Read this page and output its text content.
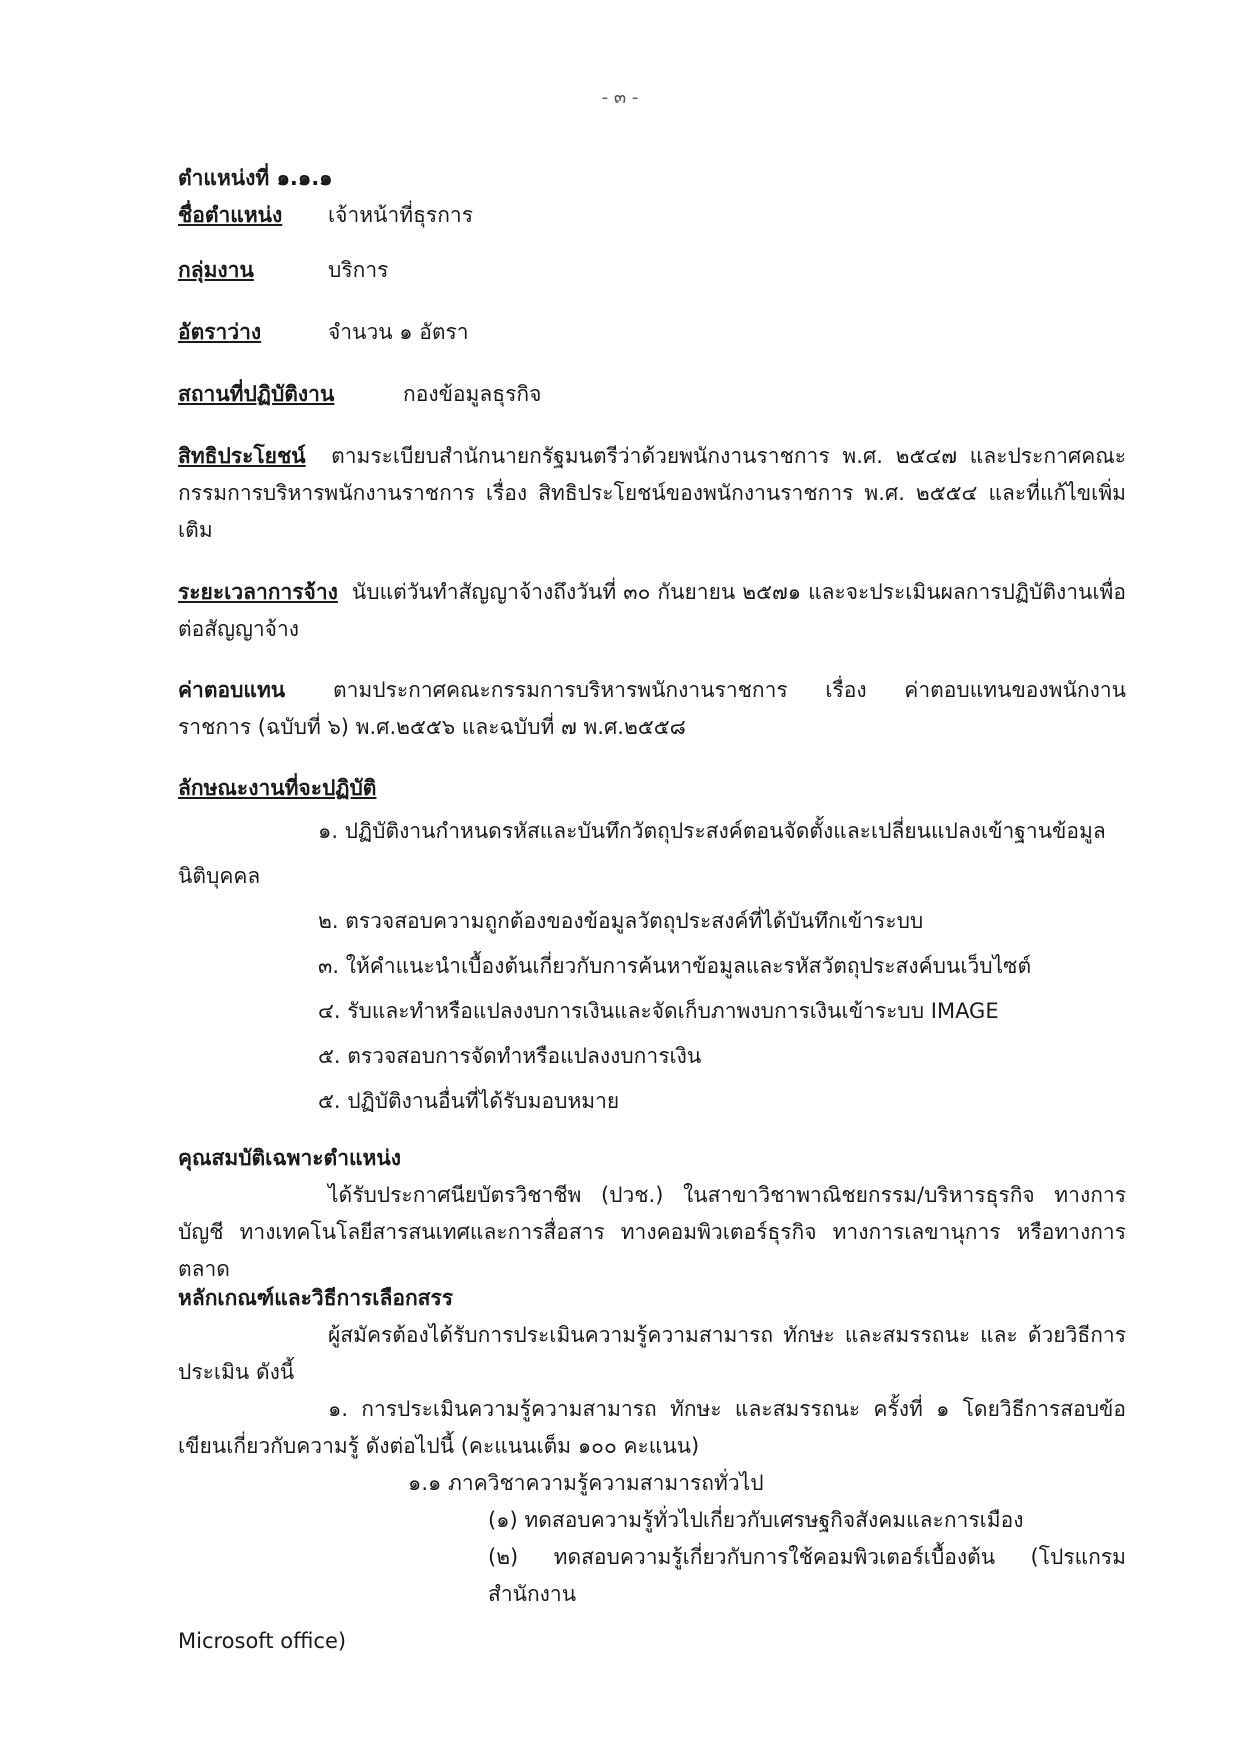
- ๓ -

ตำแหน่งที่ ๑.๑.๑

ชื่อตำแหน่ง เจ้าหน้าที่ธุรการ

กลุ่มงาน	บริการ

อัตราว่าง	จำนวน ๑ อัตรา

สถานที่ปฏิบัติงาน	กองข้อมูลธุรกิจ

สิทธิประโยชน์ ตามระเบียบสำนักนายกรัฐมนตรีว่าด้วยพนักงานราชการ พ.ศ. ๒๕๔๗ และประกาศคณะกรรมการบริหารพนักงานราชการ เรื่อง สิทธิประโยชน์ของพนักงานราชการ พ.ศ. ๒๕๕๔ และที่แก้ไขเพิ่มเติม

ระยะเวลาการจ้าง นับแต่วันทำสัญญาจ้างถึงวันที่ ๓๐ กันยายน ๒๕๗๑ และจะประเมินผลการปฏิบัติงานเพื่อต่อสัญญาจ้าง

ค่าตอบแทน ตามประกาศคณะกรรมการบริหารพนักงานราชการ เรื่อง ค่าตอบแทนของพนักงานราชการ (ฉบับที่ ๖) พ.ศ.๒๕๕๖ และฉบับที่ ๗ พ.ศ.๒๕๕๘

ลักษณะงานที่จะปฏิบัติ

๑. ปฏิบัติงานกำหนดรหัสและบันทึกวัตถุประสงค์ตอนจัดตั้งและเปลี่ยนแปลงเข้าฐานข้อมูล

นิติบุคคล

๒. ตรวจสอบความถูกต้องของข้อมูลวัตถุประสงค์ที่ได้บันทึกเข้าระบบ

๓. ให้คำแนะนำเบื้องต้นเกี่ยวกับการค้นหาข้อมูลและรหัสวัตถุประสงค์บนเว็บไซต์

๔. รับและทำหรือแปลงงบการเงินและจัดเก็บภาพงบการเงินเข้าระบบ IMAGE

๕. ตรวจสอบการจัดทำหรือแปลงงบการเงิน

๕. ปฏิบัติงานอื่นที่ได้รับมอบหมาย

คุณสมบัติเฉพาะตำแหน่ง

ได้รับประกาศนียบัตรวิชาชีพ (ปวช.) ในสาขาวิชาพาณิชยกรรม/บริหารธุรกิจ ทางการบัญชี ทางเทคโนโลยีสารสนเทศและการสื่อสาร ทางคอมพิวเตอร์ธุรกิจ ทางการเลขานุการ หรือทางการตลาด

หลักเกณฑ์และวิธีการเลือกสรร

ผู้สมัครต้องได้รับการประเมินความรู้ความสามารถ ทักษะ และสมรรถนะ และ ด้วยวิธีการประเมิน ดังนี้

๑. การประเมินความรู้ความสามารถ ทักษะ และสมรรถนะ ครั้งที่ ๑ โดยวิธีการสอบข้อเขียนเกี่ยวกับความรู้ ดังต่อไปนี้ (คะแนนเต็ม ๑๐๐ คะแนน)

๑.๑ ภาควิชาความรู้ความสามารถทั่วไป

(๑) ทดสอบความรู้ทั่วไปเกี่ยวกับเศรษฐกิจสังคมและการเมือง

(๒) ทดสอบความรู้เกี่ยวกับการใช้คอมพิวเตอร์เบื้องต้น (โปรแกรมสำนักงาน

Microsoft office)
